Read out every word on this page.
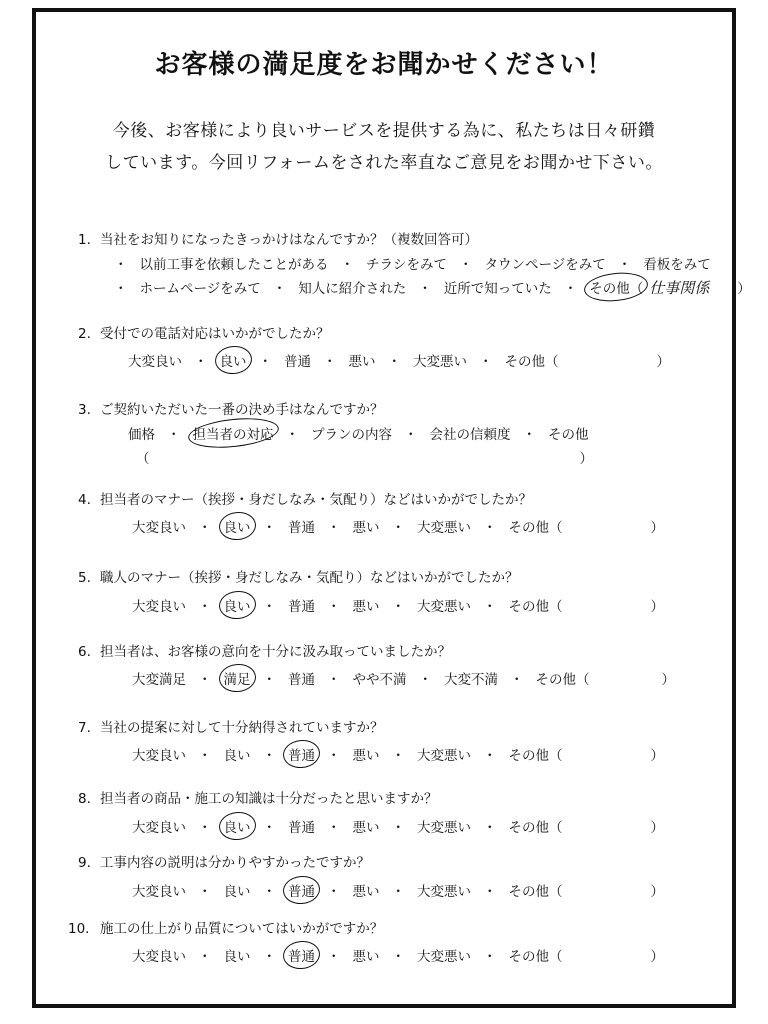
お客様の満足度をお聞かせください！
今後、お客様により良いサービスを提供する為に、私たちは日々研鑽
しています。今回リフォームをされた率直なご意見をお聞かせ下さい。
1. 当社をお知りになったきっかけはなんですか？（複数回答可）
・ 以前工事を依頼したことがある ・ チラシをみて ・ タウンページをみて ・ 看板をみて
・ ホームページをみて ・ 知人に紹介された ・ 近所で知っていた ・ その他（ 仕事関係 ）
2. 受付での電話対応はいかがでしたか？
大変良い ・ 良い ・ 普通 ・ 悪い ・ 大変悪い ・ その他（	）
3. ご契約いただいた一番の決め手はなんですか？
価格 ・ 担当者の対応 ・ プランの内容 ・ 会社の信頼度 ・ その他
（	）
4. 担当者のマナー（挨拶・身だしなみ・気配り）などはいかがでしたか？
大変良い ・ 良い ・ 普通 ・ 悪い ・ 大変悪い ・ その他（	）
5. 職人のマナー（挨拶・身だしなみ・気配り）などはいかがでしたか？
大変良い ・ 良い ・ 普通 ・ 悪い ・ 大変悪い ・ その他（	）
6. 担当者は、お客様の意向を十分に汲み取っていましたか？
大変満足 ・ 満足 ・ 普通 ・ やや不満 ・ 大変不満 ・ その他（	）
7. 当社の提案に対して十分納得されていますか？
大変良い ・ 良い ・ 普通 ・ 悪い ・ 大変悪い ・ その他（	）
8. 担当者の商品・施工の知識は十分だったと思いますか？
大変良い ・ 良い ・ 普通 ・ 悪い ・ 大変悪い ・ その他（	）
9. 工事内容の説明は分かりやすかったですか？
大変良い ・ 良い ・ 普通 ・ 悪い ・ 大変悪い ・ その他（	）
10. 施工の仕上がり品質についてはいかがですか？
大変良い ・ 良い ・ 普通 ・ 悪い ・ 大変悪い ・ その他（	）
